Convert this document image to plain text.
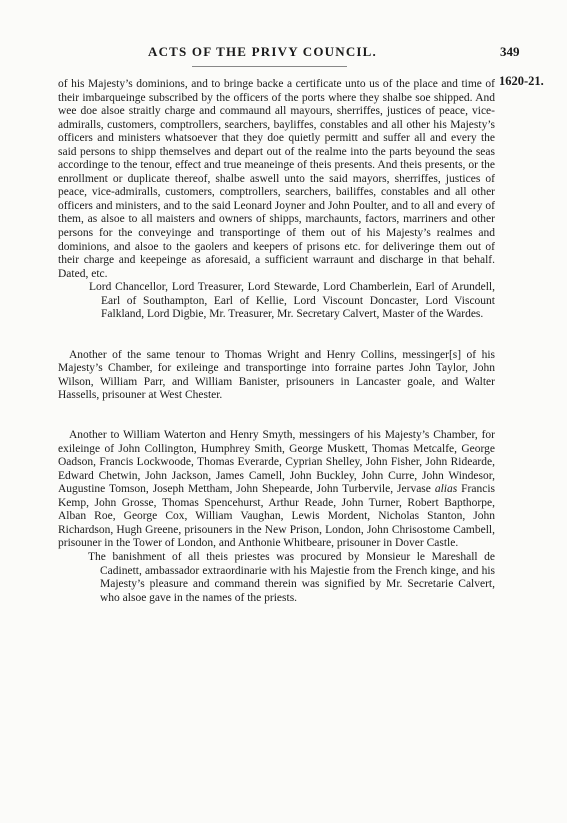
ACTS OF THE PRIVY COUNCIL.	349
1620-21.

of his Majesty’s dominions, and to bringe backe a certificate unto us of the place and time of their imbarqueinge subscribed by the officers of the ports where they shalbe soe shipped. And wee doe alsoe straitly charge and commaund all mayours, sherriffes, justices of peace, vice-admiralls, customers, comptrollers, searchers, bayliffes, constables and all other his Majesty’s officers and ministers whatsoever that they doe quietly permitt and suffer all and every the said persons to shipp themselves and depart out of the realme into the parts beyound the seas accordinge to the tenour, effect and true meaneinge of theis presents. And theis presents, or the enrollment or duplicate thereof, shalbe aswell unto the said mayors, sherriffes, justices of peace, vice-admiralls, customers, comptrollers, searchers, bailiffes, constables and all other officers and ministers, and to the said Leonard Joyner and John Poulter, and to all and every of them, as alsoe to all maisters and owners of shipps, marchaunts, factors, marriners and other persons for the conveyinge and transportinge of them out of his Majesty’s realmes and dominions, and alsoe to the gaolers and keepers of prisons etc. for deliveringe them out of their charge and keepeinge as aforesaid, a sufficient warraunt and discharge in that behalf. Dated, etc.

Lord Chancellor, Lord Treasurer, Lord Stewarde, Lord Chamberlein, Earl of Arundell, Earl of Southampton, Earl of Kellie, Lord Viscount Doncaster, Lord Viscount Falkland, Lord Digbie, Mr. Treasurer, Mr. Secretary Calvert, Master of the Wardes.

Another of the same tenour to Thomas Wright and Henry Collins, messinger[s] of his Majesty’s Chamber, for exileinge and transportinge into forraine partes John Taylor, John Wilson, William Parr, and William Banister, prisouners in Lancaster goale, and Walter Hassells, prisouner at West Chester.

Another to William Waterton and Henry Smyth, messingers of his Majesty’s Chamber, for exileinge of John Collington, Humphrey Smith, George Muskett, Thomas Metcalfe, George Oadson, Francis Lockwoode, Thomas Everarde, Cyprian Shelley, John Fisher, John Ridearde, Edward Chetwin, John Jackson, James Camell, John Buckley, John Curre, John Windesor, Augustine Tomson, Joseph Mettham, John Shepearde, John Turbervile, Jervase alias Francis Kemp, John Grosse, Thomas Spencehurst, Arthur Reade, John Turner, Robert Bapthorpe, Alban Roe, George Cox, William Vaughan, Lewis Mordent, Nicholas Stanton, John Richardson, Hugh Greene, prisouners in the New Prison, London, John Chrisostome Cambell, prisouner in the Tower of London, and Anthonie Whitbeare, prisouner in Dover Castle.

The banishment of all theis priestes was procured by Monsieur le Mareshall de Cadinett, ambassador extraordinarie with his Majestie from the French kinge, and his Majesty’s pleasure and command therein was signified by Mr. Secretarie Calvert, who alsoe gave in the names of the priests.
